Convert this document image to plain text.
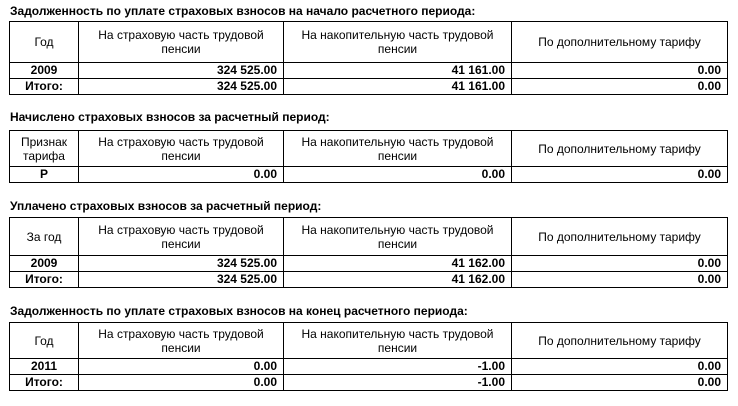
Задолженность по уплате страховых взносов на начало расчетного периода:
Год	На страховую часть трудовой пенсии	На накопительную часть трудовой пенсии	По дополнительному тарифу
2009	324 525.00	41 161.00	0.00
Итого:	324 525.00	41 161.00	0.00
Начислено страховых взносов за расчетный период:
Признак тарифа	На страховую часть трудовой пенсии	На накопительную часть трудовой пенсии	По дополнительному тарифу
Р	0.00	0.00	0.00
Уплачено страховых взносов за расчетный период:
За год	На страховую часть трудовой пенсии	На накопительную часть трудовой пенсии	По дополнительному тарифу
2009	324 525.00	41 162.00	0.00
Итого:	324 525.00	41 162.00	0.00
Задолженность по уплате страховых взносов на конец расчетного периода:
Год	На страховую часть трудовой пенсии	На накопительную часть трудовой пенсии	По дополнительному тарифу
2011	0.00	-1.00	0.00
Итого:	0.00	-1.00	0.00
